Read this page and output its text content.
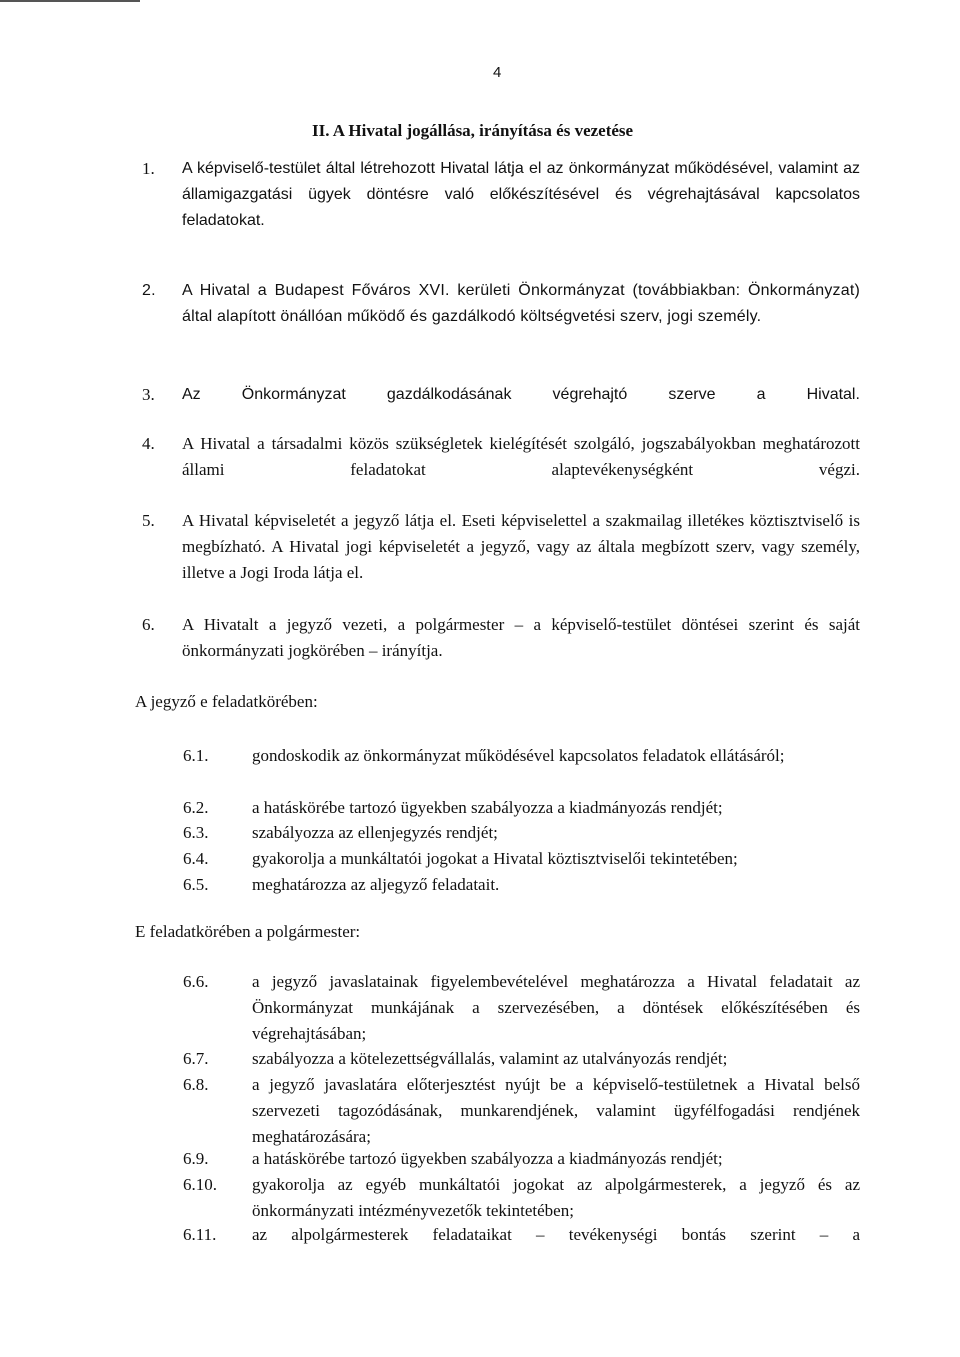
4
II. A Hivatal jogállása, irányítása és vezetése
1. A képviselő-testület által létrehozott Hivatal látja el az önkormányzat működésével, valamint az államigazgatási ügyek döntésre való előkészítésével és végrehajtásával kapcsolatos feladatokat.
2. A Hivatal a Budapest Főváros XVI. kerületi Önkormányzat (továbbiakban: Önkormányzat) által alapított önállóan működő és gazdálkodó költségvetési szerv, jogi személy.
3. Az	Önkormányzat	gazdálkodásának	végrehajtó	szerve	a	Hivatal.
4. A Hivatal a társadalmi közös szükségletek kielégítését szolgáló, jogszabályokban meghatározott állami feladatokat alaptevékenységként végzi.
5. A Hivatal képviseletét a jegyző látja el. Eseti képviselettel a szakmailag illetékes köztisztviselő is megbízható. A Hivatal jogi képviseletét a jegyző, vagy az általa megbízott szerv, vagy személy, illetve a Jogi Iroda látja el.
6. A Hivatalt a jegyző vezeti, a polgármester – a képviselő-testület döntései szerint és saját önkormányzati jogkörében – irányítja.
A jegyző e feladatkörében:
6.1.	gondoskodik az önkormányzat működésével kapcsolatos feladatok ellátásáról;
6.2.	a hatáskörébe tartozó ügyekben szabályozza a kiadmányozás rendjét;
6.3.	szabályozza az ellenjegyzés rendjét;
6.4.	gyakorolja a munkáltatói jogokat a Hivatal köztisztviselői tekintetében;
6.5.	meghatározza az aljegyző feladatait.
E feladatkörében a polgármester:
6.6.	a jegyző javaslatainak figyelembevételével meghatározza a Hivatal feladatait az Önkormányzat munkájának a szervezésében, a döntések előkészítésében és végrehajtásában;
6.7.	szabályozza a kötelezettségvállalás, valamint az utalványozás rendjét;
6.8.	a jegyző javaslatára előterjesztést nyújt be a képviselő-testületnek a Hivatal belső szervezeti tagozódásának, munkarendjének, valamint ügyfélfogadási rendjének meghatározására;
6.9.	a hatáskörébe tartozó ügyekben szabályozza a kiadmányozás rendjét;
6.10. gyakorolja az egyéb munkáltatói jogokat az alpolgármesterek, a jegyző és az önkormányzati intézményvezetők tekintetében;
6.11. az alpolgármesterek feladataikat – tevékenységi bontás szerint – a
